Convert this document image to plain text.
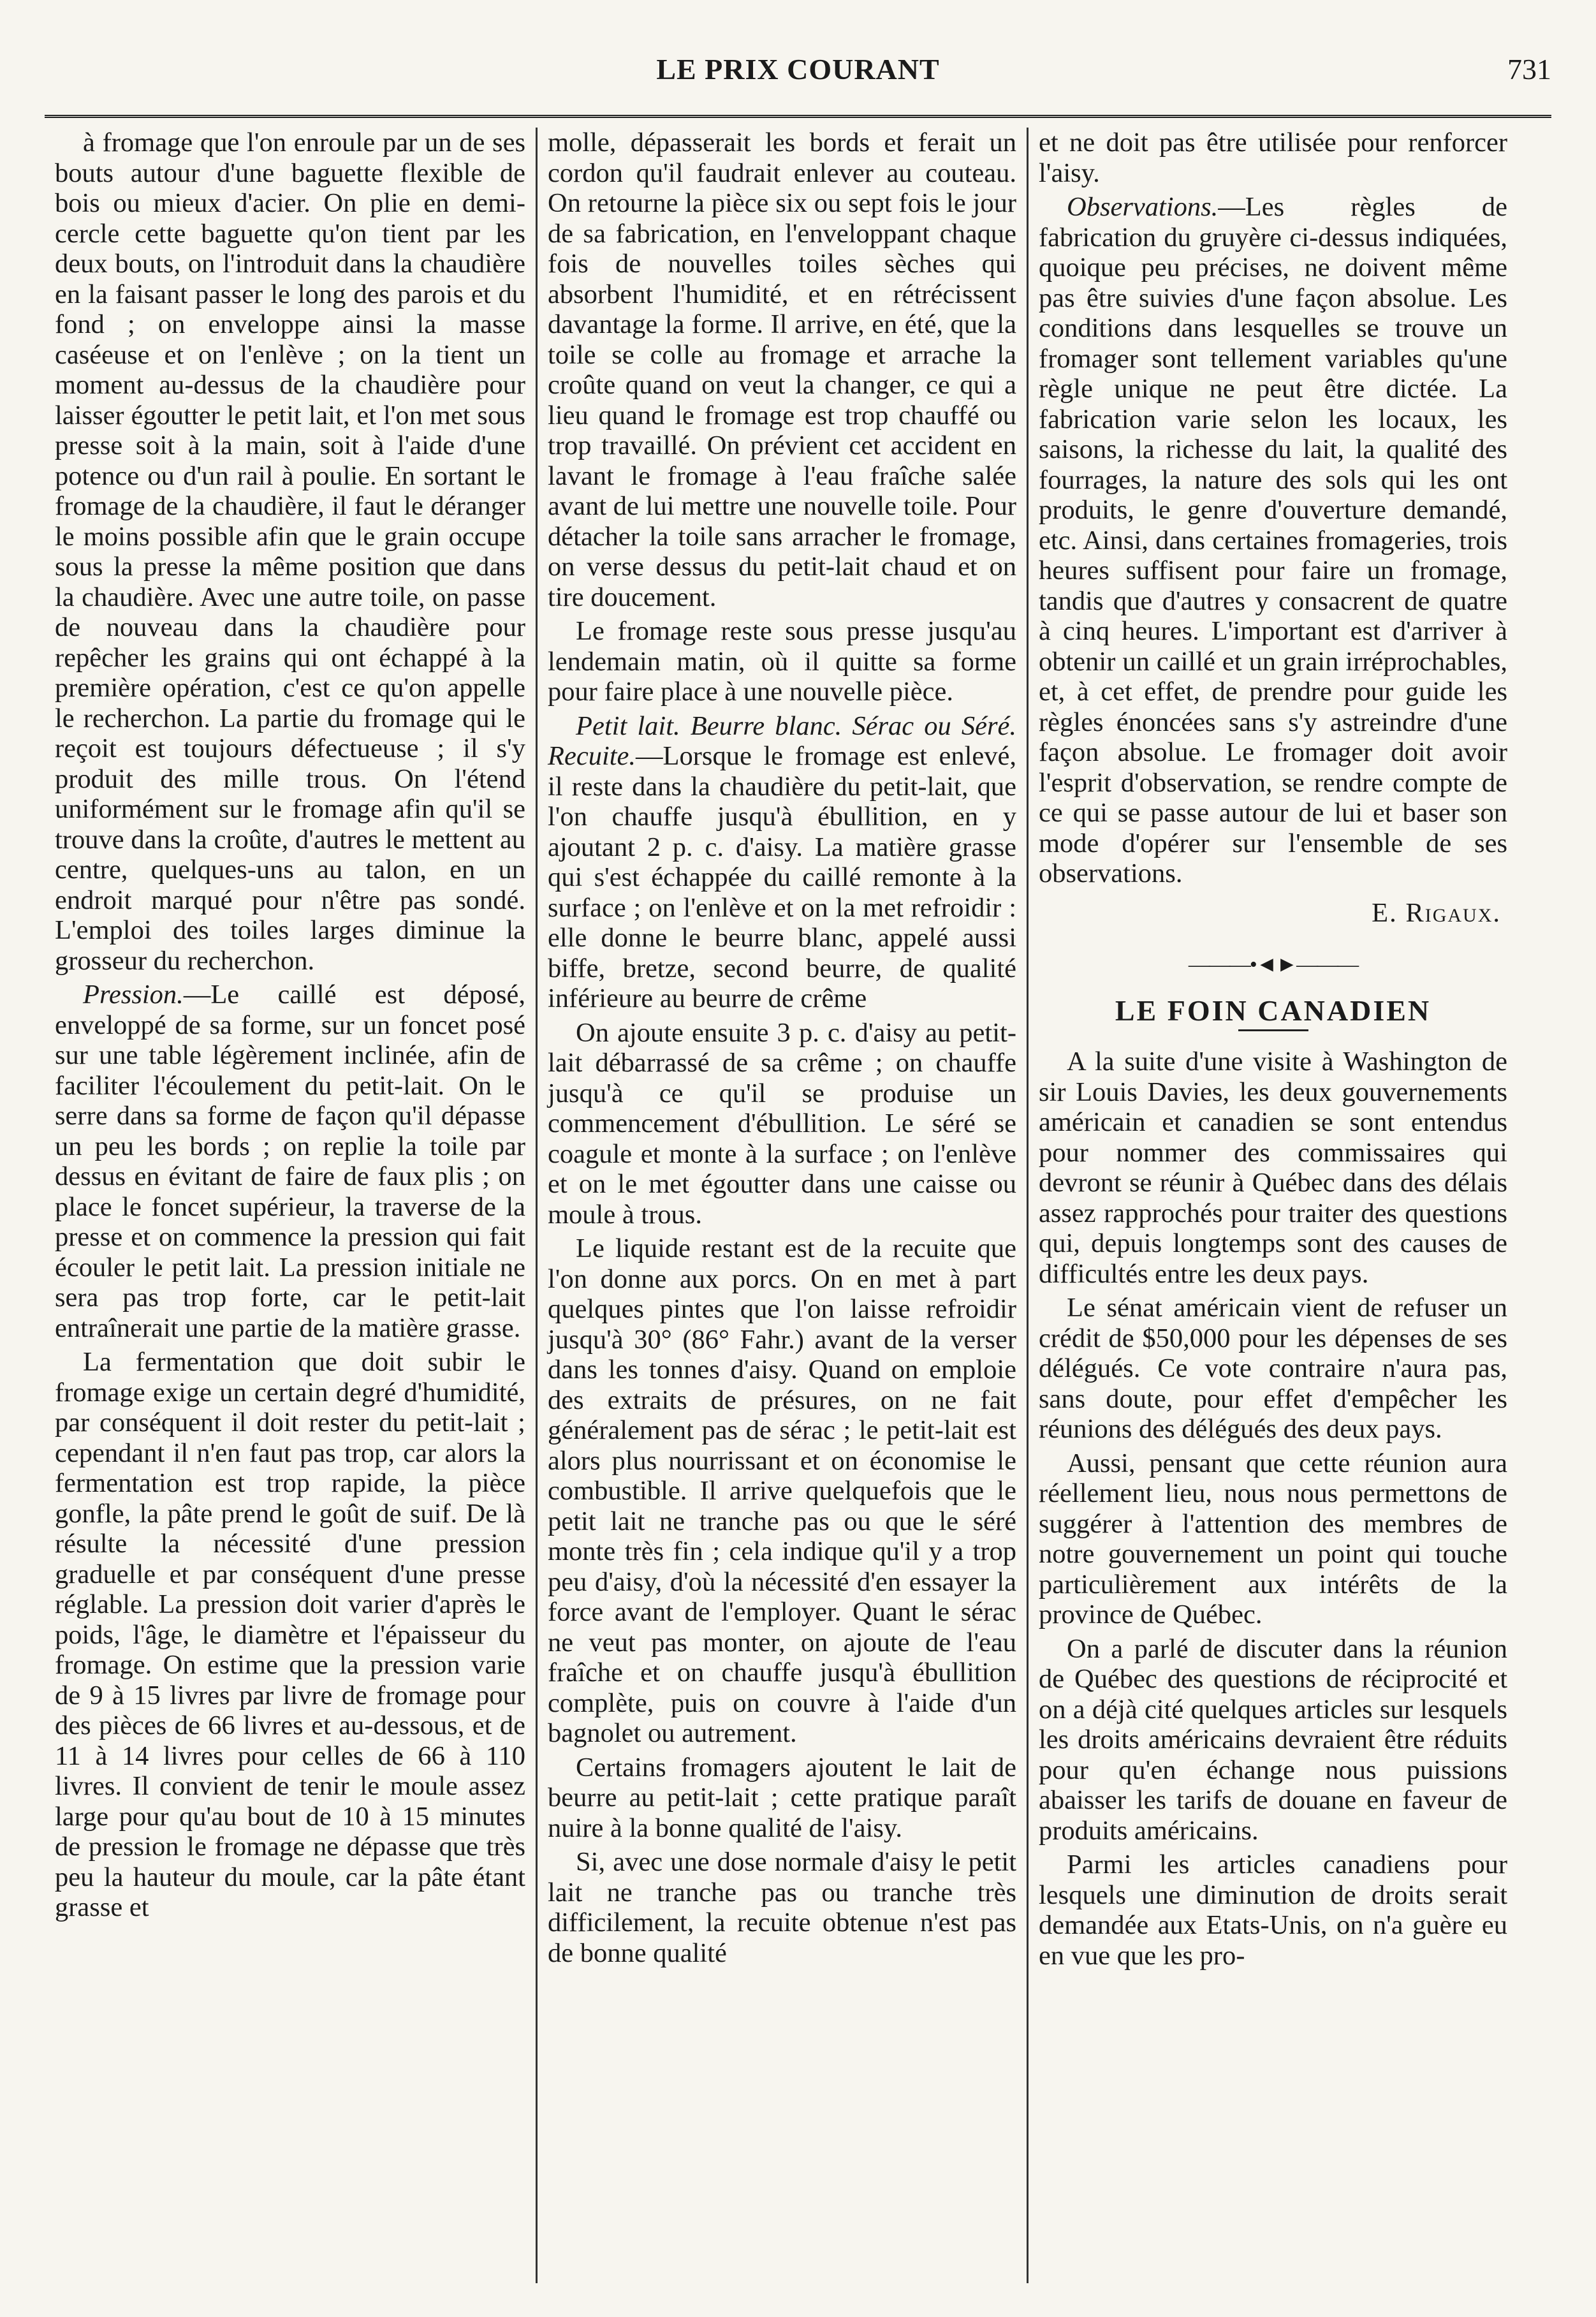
LE PRIX COURANT	731

à fromage que l'on enroule par un de ses bouts autour d'une baguette flexible de bois ou mieux d'acier. On plie en demi-cercle cette baguette qu'on tient par les deux bouts, on l'introduit dans la chaudière en la faisant passer le long des parois et du fond ; on enveloppe ainsi la masse caséeuse et on l'enlève ; on la tient un moment au-dessus de la chaudière pour laisser égoutter le petit lait, et l'on met sous presse soit à la main, soit à l'aide d'une potence ou d'un rail à poulie. En sortant le fromage de la chaudière, il faut le déranger le moins possible afin que le grain occupe sous la presse la même position que dans la chaudière. Avec une autre toile, on passe de nouveau dans la chaudière pour repêcher les grains qui ont échappé à la première opération, c'est ce qu'on appelle le recherchon. La partie du fromage qui le reçoit est toujours défectueuse ; il s'y produit des mille trous. On l'étend uniformément sur le fromage afin qu'il se trouve dans la croûte, d'autres le mettent au centre, quelques-uns au talon, en un endroit marqué pour n'être pas sondé. L'emploi des toiles larges diminue la grosseur du recherchon.

Pression.—Le caillé est déposé, enveloppé de sa forme, sur un foncet posé sur une table légèrement inclinée, afin de faciliter l'écoulement du petit-lait. On le serre dans sa forme de façon qu'il dépasse un peu les bords ; on replie la toile par dessus en évitant de faire de faux plis ; on place le foncet supérieur, la traverse de la presse et on commence la pression qui fait écouler le petit lait. La pression initiale ne sera pas trop forte, car le petit-lait entraînerait une partie de la matière grasse.

La fermentation que doit subir le fromage exige un certain degré d'humidité, par conséquent il doit rester du petit-lait ; cependant il n'en faut pas trop, car alors la fermentation est trop rapide, la pièce gonfle, la pâte prend le goût de suif. De là résulte la nécessité d'une pression graduelle et par conséquent d'une presse réglable. La pression doit varier d'après le poids, l'âge, le diamètre et l'épaisseur du fromage. On estime que la pression varie de 9 à 15 livres par livre de fromage pour des pièces de 66 livres et au-dessous, et de 11 à 14 livres pour celles de 66 à 110 livres. Il convient de tenir le moule assez large pour qu'au bout de 10 à 15 minutes de pression le fromage ne dépasse que très peu la hauteur du moule, car la pâte étant grasse et

molle, dépasserait les bords et ferait un cordon qu'il faudrait enlever au couteau. On retourne la pièce six ou sept fois le jour de sa fabrication, en l'enveloppant chaque fois de nouvelles toiles sèches qui absorbent l'humidité, et en rétrécissent davantage la forme. Il arrive, en été, que la toile se colle au fromage et arrache la croûte quand on veut la changer, ce qui a lieu quand le fromage est trop chauffé ou trop travaillé. On prévient cet accident en lavant le fromage à l'eau fraîche salée avant de lui mettre une nouvelle toile. Pour détacher la toile sans arracher le fromage, on verse dessus du petit-lait chaud et on tire doucement.

Le fromage reste sous presse jusqu'au lendemain matin, où il quitte sa forme pour faire place à une nouvelle pièce.

Petit lait. Beurre blanc. Sérac ou Séré. Recuite.—Lorsque le fromage est enlevé, il reste dans la chaudière du petit-lait, que l'on chauffe jusqu'à ébullition, en y ajoutant 2 p. c. d'aisy. La matière grasse qui s'est échappée du caillé remonte à la surface ; on l'enlève et on la met refroidir : elle donne le beurre blanc, appelé aussi biffe, bretze, second beurre, de qualité inférieure au beurre de crême

On ajoute ensuite 3 p. c. d'aisy au petit-lait débarrassé de sa crême ; on chauffe jusqu'à ce qu'il se produise un commencement d'ébullition. Le séré se coagule et monte à la surface ; on l'enlève et on le met égoutter dans une caisse ou moule à trous.

Le liquide restant est de la recuite que l'on donne aux porcs. On en met à part quelques pintes que l'on laisse refroidir jusqu'à 30° (86° Fahr.) avant de la verser dans les tonnes d'aisy. Quand on emploie des extraits de présures, on ne fait généralement pas de sérac ; le petit-lait est alors plus nourrissant et on économise le combustible. Il arrive quelquefois que le petit lait ne tranche pas ou que le séré monte très fin ; cela indique qu'il y a trop peu d'aisy, d'où la nécessité d'en essayer la force avant de l'employer. Quant le sérac ne veut pas monter, on ajoute de l'eau fraîche et on chauffe jusqu'à ébullition complète, puis on couvre à l'aide d'un bagnolet ou autrement.

Certains fromagers ajoutent le lait de beurre au petit-lait ; cette pratique paraît nuire à la bonne qualité de l'aisy.

Si, avec une dose normale d'aisy le petit lait ne tranche pas ou tranche très difficilement, la recuite obtenue n'est pas de bonne qualité

et ne doit pas être utilisée pour renforcer l'aisy.

Observations.—Les règles de fabrication du gruyère ci-dessus indiquées, quoique peu précises, ne doivent même pas être suivies d'une façon absolue. Les conditions dans lesquelles se trouve un fromager sont tellement variables qu'une règle unique ne peut être dictée. La fabrication varie selon les locaux, les saisons, la richesse du lait, la qualité des fourrages, la nature des sols qui les ont produits, le genre d'ouverture demandé, etc. Ainsi, dans certaines fromageries, trois heures suffisent pour faire un fromage, tandis que d'autres y consacrent de quatre à cinq heures. L'important est d'arriver à obtenir un caillé et un grain irréprochables, et, à cet effet, de prendre pour guide les règles énoncées sans s'y astreindre d'une façon absolue. Le fromager doit avoir l'esprit d'observation, se rendre compte de ce qui se passe autour de lui et baser son mode d'opérer sur l'ensemble de ses observations.

E. Rigaux.
———•◄►———
LE FOIN CANADIEN

A la suite d'une visite à Washington de sir Louis Davies, les deux gouvernements américain et canadien se sont entendus pour nommer des commissaires qui devront se réunir à Québec dans des délais assez rapprochés pour traiter des questions qui, depuis longtemps sont des causes de difficultés entre les deux pays.

Le sénat américain vient de refuser un crédit de $50,000 pour les dépenses de ses délégués. Ce vote contraire n'aura pas, sans doute, pour effet d'empêcher les réunions des délégués des deux pays.

Aussi, pensant que cette réunion aura réellement lieu, nous nous permettons de suggérer à l'attention des membres de notre gouvernement un point qui touche particulièrement aux intérêts de la province de Québec.

On a parlé de discuter dans la réunion de Québec des questions de réciprocité et on a déjà cité quelques articles sur lesquels les droits américains devraient être réduits pour qu'en échange nous puissions abaisser les tarifs de douane en faveur de produits américains.

Parmi les articles canadiens pour lesquels une diminution de droits serait demandée aux Etats-Unis, on n'a guère eu en vue que les pro-
